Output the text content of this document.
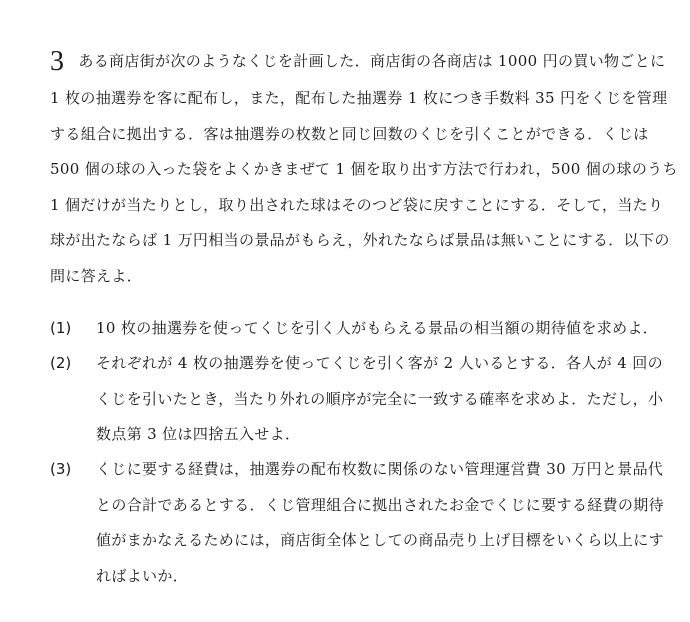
3 ある商店街が次のようなくじを計画した．商店街の各商店は 1000 円の買い物ごとに
1 枚の抽選券を客に配布し，また，配布した抽選券 1 枚につき手数料 35 円をくじを管理
する組合に拠出する．客は抽選券の枚数と同じ回数のくじを引くことができる．くじは
500 個の球の入った袋をよくかきまぜて 1 個を取り出す方法で行われ，500 個の球のうち
1 個だけが当たりとし，取り出された球はそのつど袋に戻すことにする．そして，当たり
球が出たならば 1 万円相当の景品がもらえ，外れたならば景品は無いことにする．以下の
問に答えよ．
(1) 10 枚の抽選券を使ってくじを引く人がもらえる景品の相当額の期待値を求めよ．
(2) それぞれが 4 枚の抽選券を使ってくじを引く客が 2 人いるとする．各人が 4 回の
くじを引いたとき，当たり外れの順序が完全に一致する確率を求めよ．ただし，小
数点第 3 位は四捨五入せよ．
(3) くじに要する経費は，抽選券の配布枚数に関係のない管理運営費 30 万円と景品代
との合計であるとする．くじ管理組合に拠出されたお金でくじに要する経費の期待
値がまかなえるためには，商店街全体としての商品売り上げ目標をいくら以上にす
ればよいか．
